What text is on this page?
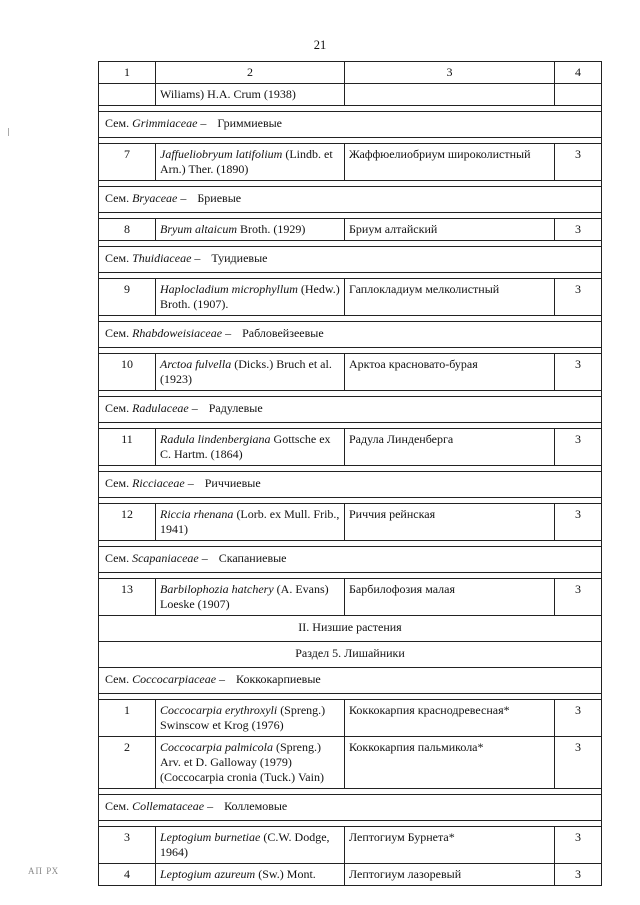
21
1	2	3	4
	Wiliams) H.A. Crum (1938)		

Сем. Grimmiaceae – Гриммиевые			

7	Jaffueliobryum latifolium (Lindb. et Arn.) Ther. (1890)	Жаффюелиобриум широколистный	3

Сем. Bryaceae – Бриевые			

8	Bryum altaicum Broth. (1929)	Бриум алтайский	3

Сем. Thuidiaceae – Туидиевые			

9	Haplocladium microphyllum (Hedw.) Broth. (1907).	Гаплокладиум мелколистный	3

Сем. Rhabdoweisiaceae – Рабловейзеевые			

10	Arctoa fulvella (Dicks.) Bruch et al. (1923)	Арктоа красновато-бурая	3

Сем. Radulaceae – Радулевые			

11	Radula lindenbergiana Gottsche ex C. Hartm. (1864)	Радула Линденберга	3

Сем. Ricciaceae – Риччиевые			

12	Riccia rhenana (Lorb. ex Mull. Frib., 1941)	Риччия рейнская	3

Сем. Scapaniaceae – Скапаниевые			

13	Barbilophozia hatchery (A. Evans) Loeske (1907)	Барбилофозия малая	3
II. Низшие растения			
Раздел 5. Лишайники			
Сем. Coccocarpiaceae – Коккокарпиевые			

1	Coccocarpia erythroxyli (Spreng.) Swinscow et Krog (1976)	Коккокарпия краснодревесная*	3
2	Coccocarpia palmicola (Spreng.) Arv. et D. Galloway (1979) (Coccocarpia cronia (Tuck.) Vain)	Коккокарпия пальмикола*	3

Сем. Collemataceae – Коллемовые			

3	Leptogium burnetiae (C.W. Dodge, 1964)	Лептогиум Бурнета*	3
4	Leptogium azureum (Sw.) Mont.	Лептогиум лазоревый	3
АП РХ
